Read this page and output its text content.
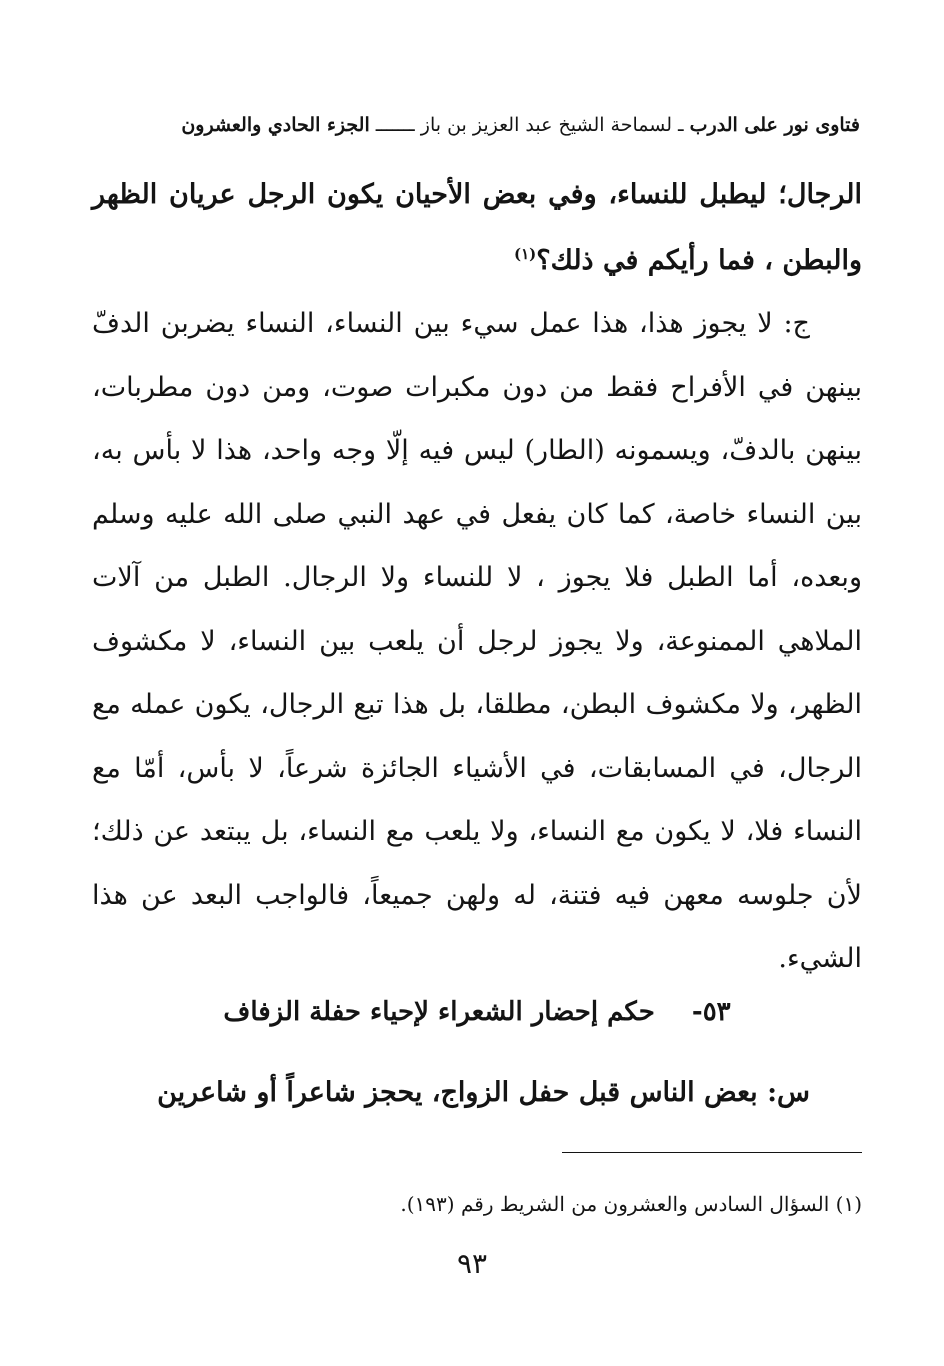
فتاوى نور على الدرب ـ لسماحة الشيخ عبد العزيز بن باز ـــــــ الجزء الحادي والعشرون
الرجال؛ ليطبل للنساء، وفي بعض الأحيان يكون الرجل عريان الظهر والبطن ، فما رأيكم في ذلك؟$^{(١)}$
ج: لا يجوز هذا، هذا عمل سيء بين النساء، النساء يضربن الدفّ بينهن في الأفراح فقط من دون مكبرات صوت، ومن دون مطربات، بينهن بالدفّ، ويسمونه (الطار) ليس فيه إلّا وجه واحد، هذا لا بأس به، بين النساء خاصة، كما كان يفعل في عهد النبي صلى الله عليه وسلم وبعده، أما الطبل فلا يجوز ، لا للنساء ولا الرجال. الطبل من آلات الملاهي الممنوعة، ولا يجوز لرجل أن يلعب بين النساء، لا مكشوف الظهر، ولا مكشوف البطن، مطلقا، بل هذا تبع الرجال، يكون عمله مع الرجال، في المسابقات، في الأشياء الجائزة شرعاً، لا بأس، أمّا مع النساء فلا، لا يكون مع النساء، ولا يلعب مع النساء، بل يبتعد عن ذلك؛ لأن جلوسه معهن فيه فتنة، له ولهن جميعاً، فالواجب البعد عن هذا الشيء.
٥٣- حكم إحضار الشعراء لإحياء حفلة الزفاف
س: بعض الناس قبل حفل الزواج، يحجز شاعراً أو شاعرين
(١) السؤال السادس والعشرون من الشريط رقم (١٩٣).
٩٣
